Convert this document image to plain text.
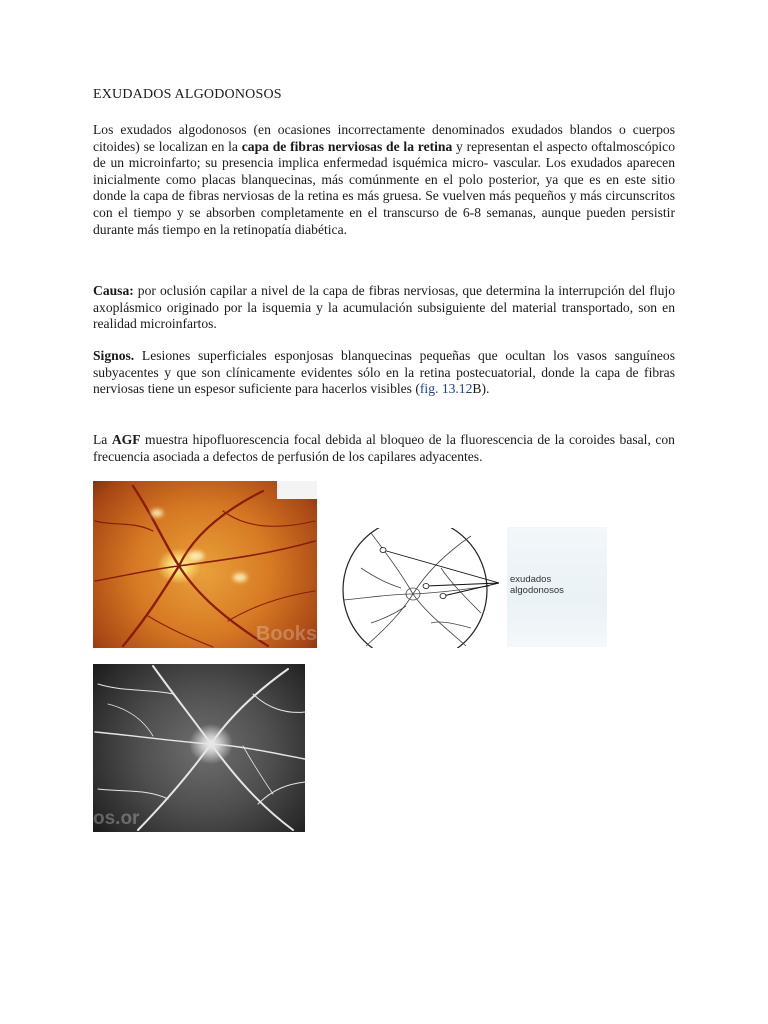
EXUDADOS ALGODONOSOS

Los exudados algodonosos (en ocasiones incorrectamente denominados exudados blandos o cuerpos citoides) se localizan en la capa de fibras nerviosas de la retina y representan el aspecto oftalmoscópico de un microinfarto; su presencia implica enfermedad isquémica micro- vascular. Los exudados aparecen inicialmente como placas blanquecinas, más comúnmente en el polo posterior, ya que es en este sitio donde la capa de fibras nerviosas de la retina es más gruesa. Se vuelven más pequeños y más circunscritos con el tiempo y se absorben completamente en el transcurso de 6-8 semanas, aunque pueden persistir durante más tiempo en la retinopatía diabética.

Causa: por oclusión capilar a nivel de la capa de fibras nerviosas, que determina la interrupción del flujo axoplásmico originado por la isquemia y la acumulación subsiguiente del material transportado, son en realidad microinfartos.

Signos. Lesiones superficiales esponjosas blanquecinas pequeñas que ocultan los vasos sanguíneos subyacentes y que son clínicamente evidentes sólo en la retina postecuatorial, donde la capa de fibras nerviosas tiene un espesor suficiente para hacerlos visibles (fig. 13.12B).

La AGF muestra hipofluorescencia focal debida al bloqueo de la fluorescencia de la coroides basal, con frecuencia asociada a defectos de perfusión de los capilares adyacentes.

Books
exudados algodonosos
os.or
